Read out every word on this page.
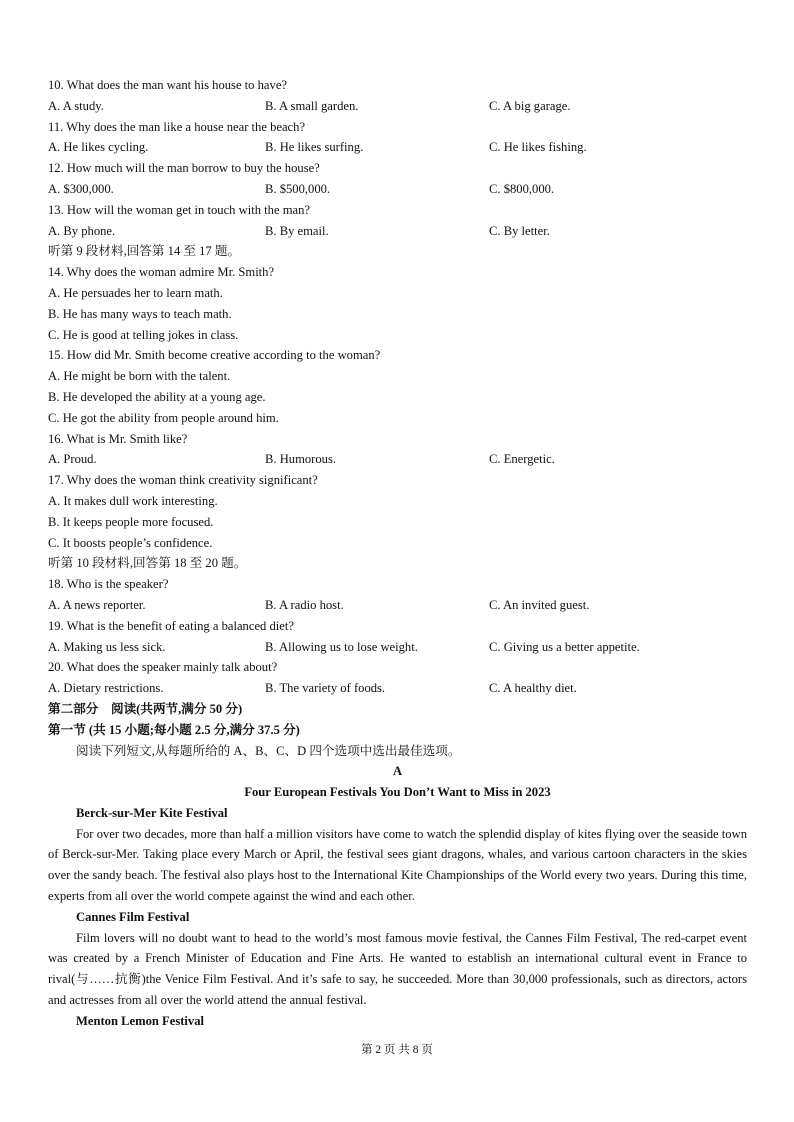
10. What does the man want his house to have?
A. A study.	B. A small garden.	C. A big garage.
11. Why does the man like a house near the beach?
A. He likes cycling.	B. He likes surfing.	C. He likes fishing.
12. How much will the man borrow to buy the house?
A. $300,000.	B. $500,000.	C. $800,000.
13. How will the woman get in touch with the man?
A. By phone.	B. By email.	C. By letter.
听第 9 段材料,回答第 14 至 17 题。
14. Why does the woman admire Mr. Smith?
A. He persuades her to learn math.
B. He has many ways to teach math.
C. He is good at telling jokes in class.
15. How did Mr. Smith become creative according to the woman?
A. He might be born with the talent.
B. He developed the ability at a young age.
C. He got the ability from people around him.
16. What is Mr. Smith like?
A. Proud.	B. Humorous.	C. Energetic.
17. Why does the woman think creativity significant?
A. It makes dull work interesting.
B. It keeps people more focused.
C. It boosts people’s confidence.
听第 10 段材料,回答第 18 至 20 题。
18. Who is the speaker?
A. A news reporter.	B. A radio host.	C. An invited guest.
19. What is the benefit of eating a balanced diet?
A. Making us less sick.	B. Allowing us to lose weight.	C. Giving us a better appetite.
20. What does the speaker mainly talk about?
A. Dietary restrictions.	B. The variety of foods.	C. A healthy diet.
第二部分　阅读(共两节,满分 50 分)
第一节 (共 15 小题;每小题 2.5 分,满分 37.5 分)
阅读下列短文,从每题所给的 A、B、C、D 四个选项中选出最佳选项。
A
Four European Festivals You Don’t Want to Miss in 2023
Berck-sur-Mer Kite Festival

For over two decades, more than half a million visitors have come to watch the splendid display of kites flying over the seaside town of Berck-sur-Mer. Taking place every March or April, the festival sees giant dragons, whales, and various cartoon characters in the skies over the sandy beach. The festival also plays host to the International Kite Championships of the World every two years. During this time, experts from all over the world compete against the wind and each other.

Cannes Film Festival

Film lovers will no doubt want to head to the world’s most famous movie festival, the Cannes Film Festival, The red-carpet event was created by a French Minister of Education and Fine Arts. He wanted to establish an international cultural event in France to rival(与……抗衡)the Venice Film Festival. And it’s safe to say, he succeeded. More than 30,000 professionals, such as directors, actors and actresses from all over the world attend the annual festival.

Menton Lemon Festival
第 2 页 共 8 页
